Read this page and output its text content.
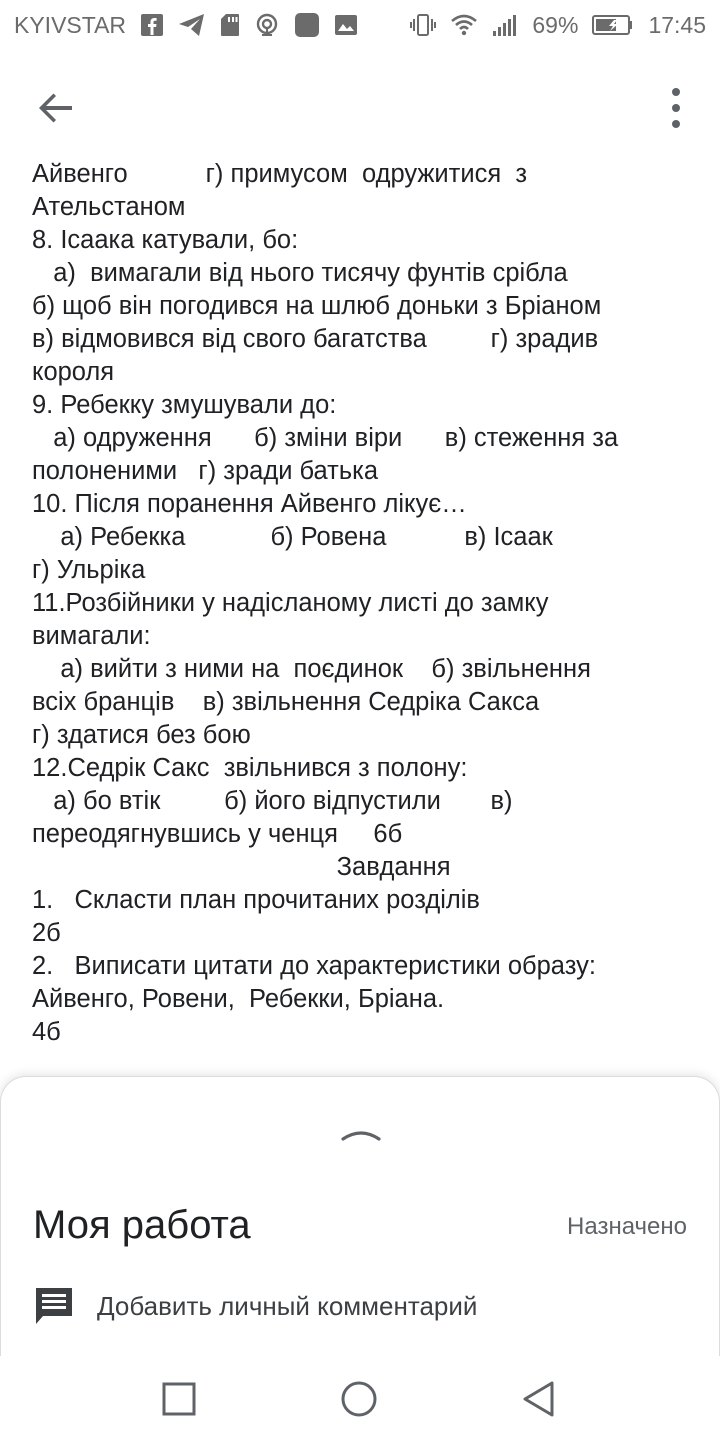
KYIVSTAR	69%	17:45
Айвенго           г) примусом  одружитися  з
Ательстаном
8. Ісаака катували, бо:
а)  вимагали від нього тисячу фунтів срібла
б) щоб він погодився на шлюб доньки з Бріаном
в) відмовився від свого багатства         г) зрадив
короля
9. Ребекку змушували до:
а) одруження      б) зміни віри      в) стеження за
полоненими   г) зради батька
10. Після поранення Айвенго лікує…
а) Ребекка            б) Ровена           в) Ісаак
г) Ульріка
11.Розбійники у надісланому листі до замку
вимагали:
а) вийти з ними на  поєдинок    б) звільнення
всіх бранців    в) звільнення Седріка Сакса
г) здатися без бою
12.Седрік Сакс  звільнився з полону:
а) бо втік         б) його відпустили       в)
переодягнувшись у ченця     6б
Завдання
1.   Скласти план прочитаних розділів
2б
2.   Виписати цитати до характеристики образу:
Айвенго, Ровени,  Ребекки, Бріана.
4б
Моя работа	Назначено
Добавить личный комментарий
